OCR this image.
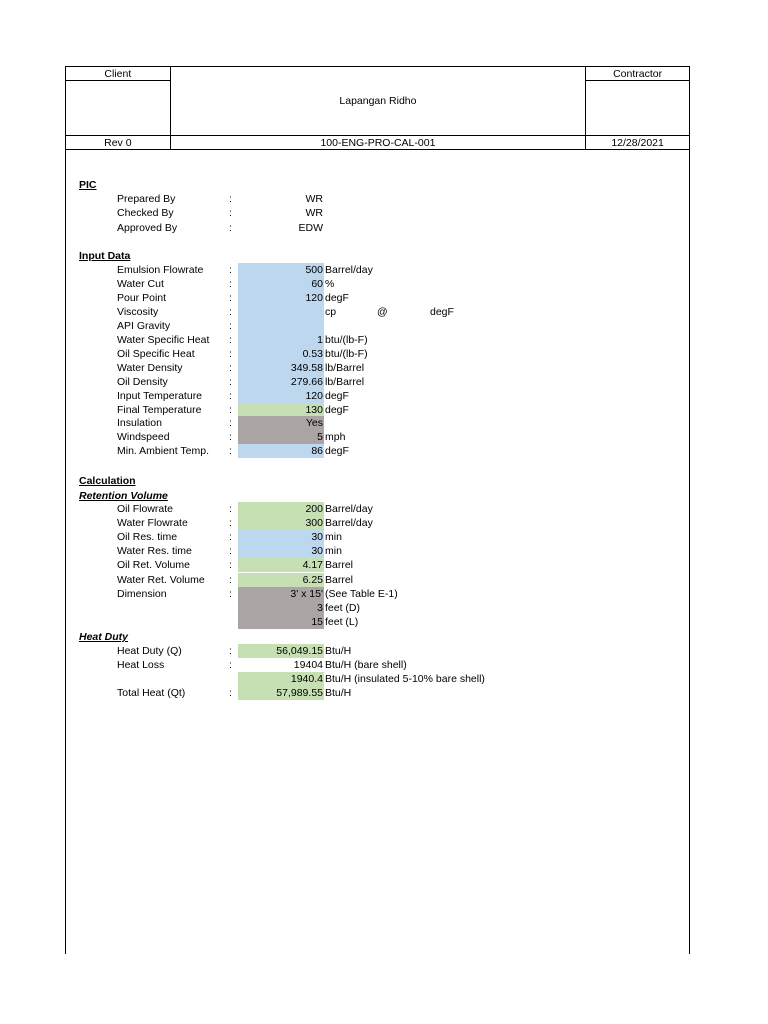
Client	Lapangan Ridho	Contractor

Rev 0	100-ENG-PRO-CAL-001	12/28/2021

PIC
Prepared By	:	WR
Checked By	:	WR
Approved By	:	EDW
Input Data
Emulsion Flowrate :	500 Barrel/day
Water Cut	:	60 %
Pour Point	:	120 degF
Viscosity	:	cp	@	degF
API Gravity	:
Water Specific Heat :	1 btu/(lb-F)
Oil Specific Heat	:	0.53 btu/(lb-F)
Water Density	:	349.58 lb/Barrel
Oil Density	:	279.66 lb/Barrel
Input Temperature	:	120 degF
Final Temperature	:	130 degF
Insulation	:	Yes
Windspeed	:	5 mph
Min. Ambient Temp. :	86 degF
Calculation
Retention Volume
Oil Flowrate	:	200 Barrel/day
Water Flowrate	:	300 Barrel/day
Oil Res. time	:	30 min
Water Res. time	:	30 min
Oil Ret. Volume	:	4.17 Barrel
Water Ret. Volume :	6.25 Barrel
Dimension	:	3' x 15' (See Table E-1)
3 feet (D)
15 feet (L)
Heat Duty
Heat Duty (Q)	:	56,049.15 Btu/H
Heat Loss	:	19404 Btu/H (bare shell)
1940.4 Btu/H (insulated 5-10% bare shell)
Total Heat (Qt)	:	57,989.55 Btu/H
